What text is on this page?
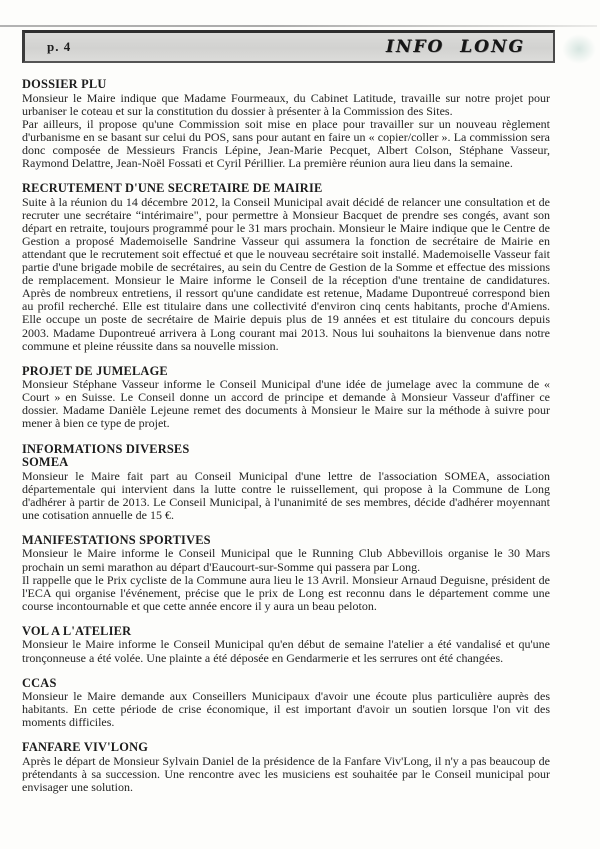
p. 4	INFO LONG
DOSSIER PLU

Monsieur le Maire indique que Madame Fourmeaux, du Cabinet Latitude, travaille sur notre projet pour urbaniser le coteau et sur la constitution du dossier à présenter à la Commission des Sites.

Par ailleurs, il propose qu'une Commission soit mise en place pour travailler sur un nouveau règlement d'urbanisme en se basant sur celui du POS, sans pour autant en faire un « copier/coller ». La commission sera donc composée de Messieurs Francis Lépine, Jean-Marie Pecquet, Albert Colson, Stéphane Vasseur, Raymond Delattre, Jean-Noël Fossati et Cyril Périllier. La première réunion aura lieu dans la semaine.

RECRUTEMENT D'UNE SECRETAIRE DE MAIRIE

Suite à la réunion du 14 décembre 2012, la Conseil Municipal avait décidé de relancer une consultation et de recruter une secrétaire “intérimaire", pour permettre à Monsieur Bacquet de prendre ses congés, avant son départ en retraite, toujours programmé pour le 31 mars prochain. Monsieur le Maire indique que le Centre de Gestion a proposé Mademoiselle Sandrine Vasseur qui assumera la fonction de secrétaire de Mairie en attendant que le recrutement soit effectué et que le nouveau secrétaire soit installé. Mademoiselle Vasseur fait partie d'une brigade mobile de secrétaires, au sein du Centre de Gestion de la Somme et effectue des missions de remplacement. Monsieur le Maire informe le Conseil de la réception d'une trentaine de candidatures. Après de nombreux entretiens, il ressort qu'une candidate est retenue, Madame Dupontreué correspond bien au profil recherché. Elle est titulaire dans une collectivité d'environ cinq cents habitants, proche d'Amiens. Elle occupe un poste de secrétaire de Mairie depuis plus de 19 années et est titulaire du concours depuis 2003. Madame Dupontreué arrivera à Long courant mai 2013. Nous lui souhaitons la bienvenue dans notre commune et pleine réussite dans sa nouvelle mission.

PROJET DE JUMELAGE

Monsieur Stéphane Vasseur informe le Conseil Municipal d'une idée de jumelage avec la commune de « Court » en Suisse. Le Conseil donne un accord de principe et demande à Monsieur Vasseur d'affiner ce dossier. Madame Danièle Lejeune remet des documents à Monsieur le Maire sur la méthode à suivre pour mener à bien ce type de projet.

INFORMATIONS DIVERSES
SOMEA

Monsieur le Maire fait part au Conseil Municipal d'une lettre de l'association SOMEA, association départementale qui intervient dans la lutte contre le ruissellement, qui propose à la Commune de Long d'adhérer à partir de 2013. Le Conseil Municipal, à l'unanimité de ses membres, décide d'adhérer moyennant une cotisation annuelle de 15 €.

MANIFESTATIONS SPORTIVES

Monsieur le Maire informe le Conseil Municipal que le Running Club Abbevillois organise le 30 Mars prochain un semi marathon au départ d'Eaucourt-sur-Somme qui passera par Long.

Il rappelle que le Prix cycliste de la Commune aura lieu le 13 Avril. Monsieur Arnaud Deguisne, président de l'ECA qui organise l'événement, précise que le prix de Long est reconnu dans le département comme une course incontournable et que cette année encore il y aura un beau peloton.

VOL A L'ATELIER

Monsieur le Maire informe le Conseil Municipal qu'en début de semaine l'atelier a été vandalisé et qu'une tronçonneuse a été volée. Une plainte a été déposée en Gendarmerie et les serrures ont été changées.

CCAS

Monsieur le Maire demande aux Conseillers Municipaux d'avoir une écoute plus particulière auprès des habitants. En cette période de crise économique, il est important d'avoir un soutien lorsque l'on vit des moments difficiles.

FANFARE VIV'LONG

Après le départ de Monsieur Sylvain Daniel de la présidence de la Fanfare Viv'Long, il n'y a pas beaucoup de prétendants à sa succession. Une rencontre avec les musiciens est souhaitée par le Conseil municipal pour envisager une solution.
